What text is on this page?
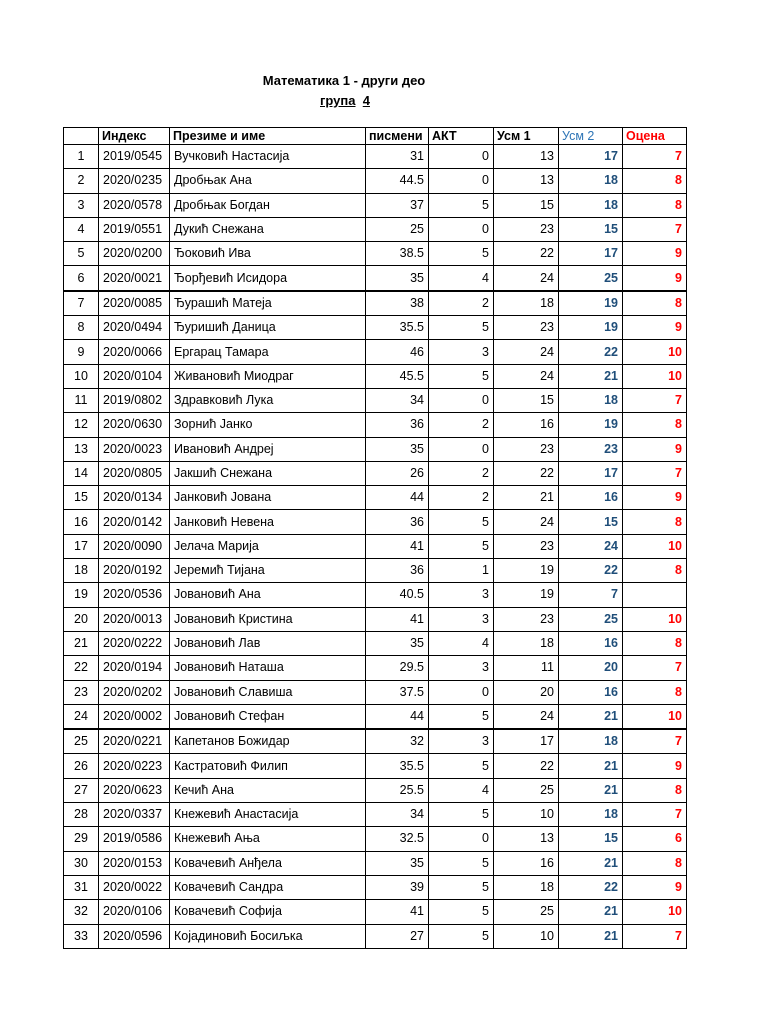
Математика 1 - други део
група 4
	Индекс	Презиме и име	писмени	АКТ	Усм 1	Усм 2	Оцена
1	2019/0545	Вучковић Настасија	31	0	13	17	7
2	2020/0235	Дробњак Ана	44.5	0	13	18	8
3	2020/0578	Дробњак Богдан	37	5	15	18	8
4	2019/0551	Дукић Снежана	25	0	23	15	7
5	2020/0200	Ђоковић Ива	38.5	5	22	17	9
6	2020/0021	Ђорђевић Исидора	35	4	24	25	9
7	2020/0085	Ђурашић Матеја	38	2	18	19	8
8	2020/0494	Ђуришић Даница	35.5	5	23	19	9
9	2020/0066	Ергарац Тамара	46	3	24	22	10
10	2020/0104	Живановић Миодраг	45.5	5	24	21	10
11	2019/0802	Здравковић Лука	34	0	15	18	7
12	2020/0630	Зорнић Јанко	36	2	16	19	8
13	2020/0023	Ивановић Андреј	35	0	23	23	9
14	2020/0805	Јакшић Снежана	26	2	22	17	7
15	2020/0134	Јанковић Јована	44	2	21	16	9
16	2020/0142	Јанковић Невена	36	5	24	15	8
17	2020/0090	Јелача Марија	41	5	23	24	10
18	2020/0192	Јеремић Тијана	36	1	19	22	8
19	2020/0536	Јовановић Ана	40.5	3	19	7	
20	2020/0013	Јовановић Кристина	41	3	23	25	10
21	2020/0222	Јовановић Лав	35	4	18	16	8
22	2020/0194	Јовановић Наташа	29.5	3	11	20	7
23	2020/0202	Јовановић Славиша	37.5	0	20	16	8
24	2020/0002	Јовановић Стефан	44	5	24	21	10
25	2020/0221	Капетанов Божидар	32	3	17	18	7
26	2020/0223	Кастратовић Филип	35.5	5	22	21	9
27	2020/0623	Кечић Ана	25.5	4	25	21	8
28	2020/0337	Кнежевић Анастасија	34	5	10	18	7
29	2019/0586	Кнежевић Ања	32.5	0	13	15	6
30	2020/0153	Ковачевић Анђела	35	5	16	21	8
31	2020/0022	Ковачевић Сандра	39	5	18	22	9
32	2020/0106	Ковачевић Софија	41	5	25	21	10
33	2020/0596	Којадиновић Босиљка	27	5	10	21	7
